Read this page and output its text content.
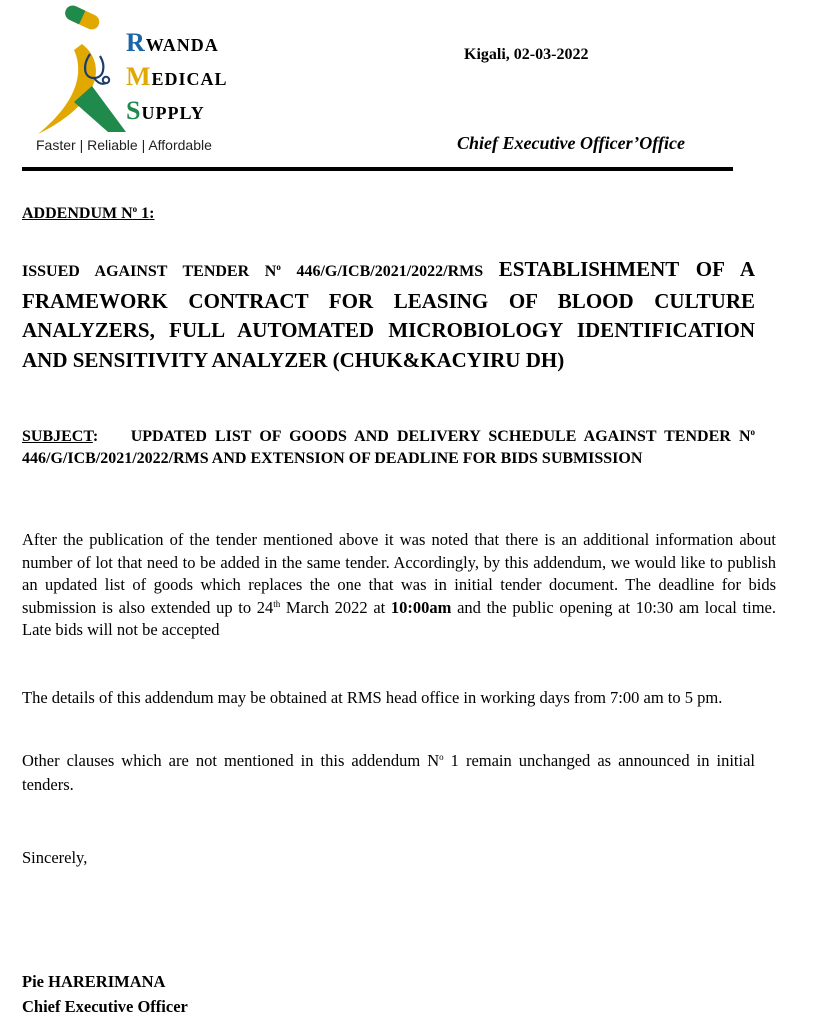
RWANDA
MEDICAL
SUPPLY
Faster | Reliable | Affordable
Kigali, 02-03-2022
Chief Executive Officer’Office
ADDENDUM $N^o$ 1:
ISSUED AGAINST TENDER $N^o$ 446/G/ICB/2021/2022/RMS ESTABLISHMENT OF A FRAMEWORK CONTRACT FOR LEASING OF BLOOD CULTURE ANALYZERS, FULL AUTOMATED MICROBIOLOGY IDENTIFICATION AND SENSITIVITY ANALYZER (CHUK&KACYIRU DH)
SUBJECT:    UPDATED LIST OF GOODS AND DELIVERY SCHEDULE AGAINST TENDER $N^o$ 446/G/ICB/2021/2022/RMS AND EXTENSION OF DEADLINE FOR BIDS SUBMISSION
After the publication of the tender mentioned above it was noted that there is an additional information about number of lot that need to be added in the same tender. Accordingly, by this addendum, we would like to publish an updated list of goods which replaces the one that was in initial tender document. The deadline for bids submission is also extended up to 24th March 2022 at 10:00am and the public opening at 10:30 am local time. Late bids will not be accepted
The details of this addendum may be obtained at RMS head office in working days from 7:00 am to 5 pm.
Other clauses which are not mentioned in this addendum $N^o$ 1 remain unchanged as announced in initial tenders.
Sincerely,
Pie HARERIMANA
Chief Executive Officer
